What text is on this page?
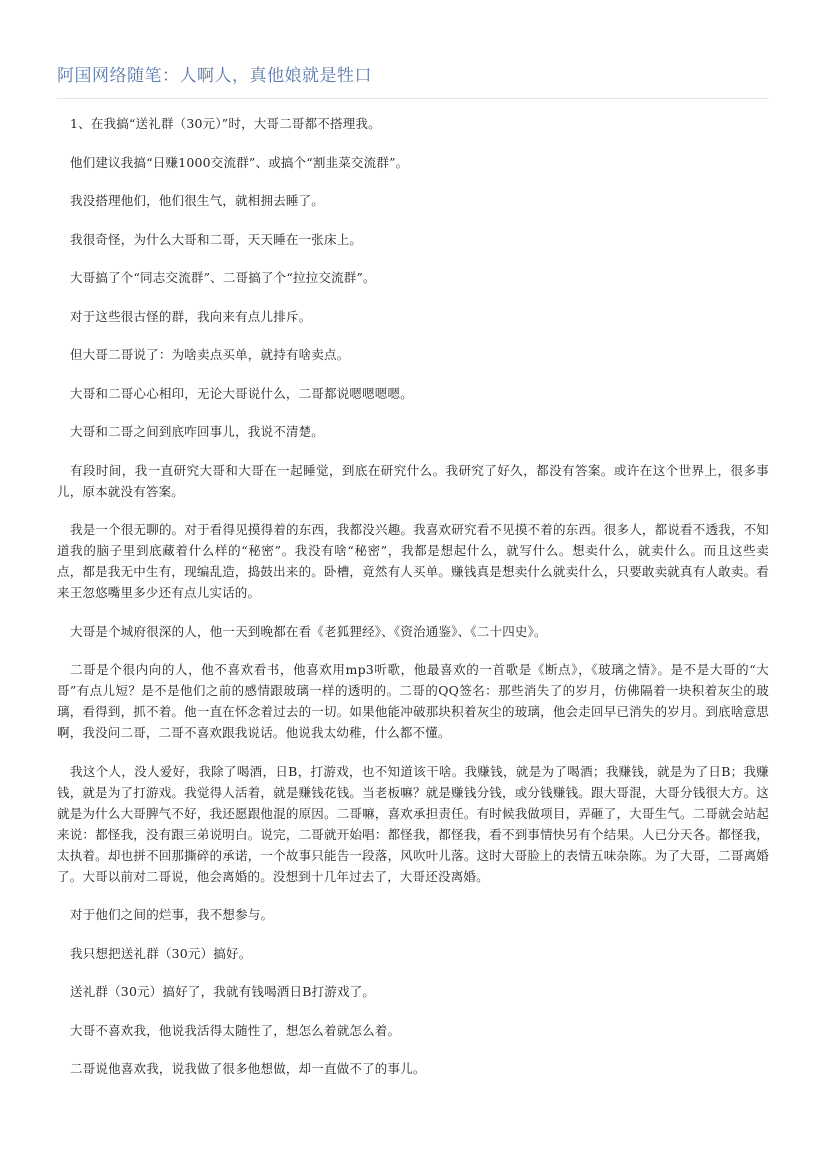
阿国网络随笔：人啊人，真他娘就是牲口

1、在我搞“送礼群（30元）”时，大哥二哥都不搭理我。

他们建议我搞“日赚1000交流群”、或搞个“割韭菜交流群”。

我没搭理他们，他们很生气，就相拥去睡了。

我很奇怪，为什么大哥和二哥，天天睡在一张床上。

大哥搞了个“同志交流群”、二哥搞了个“拉拉交流群”。

对于这些很古怪的群，我向来有点儿排斥。

但大哥二哥说了：为啥卖点买单，就持有啥卖点。

大哥和二哥心心相印，无论大哥说什么，二哥都说嗯嗯嗯嗯。

大哥和二哥之间到底咋回事儿，我说不清楚。

有段时间，我一直研究大哥和大哥在一起睡觉，到底在研究什么。我研究了好久，都没有答案。或许在这个世界上，很多事儿，原本就没有答案。

我是一个很无聊的。对于看得见摸得着的东西，我都没兴趣。我喜欢研究看不见摸不着的东西。很多人，都说看不透我，不知道我的脑子里到底藏着什么样的“秘密”。我没有啥“秘密”，我都是想起什么，就写什么。想卖什么，就卖什么。而且这些卖点，都是我无中生有，现编乱造，捣鼓出来的。卧槽，竟然有人买单。赚钱真是想卖什么就卖什么，只要敢卖就真有人敢卖。看来王忽悠嘴里多少还有点儿实话的。

大哥是个城府很深的人，他一天到晚都在看《老狐狸经》、《资治通鉴》、《二十四史》。

二哥是个很内向的人，他不喜欢看书，他喜欢用mp3听歌，他最喜欢的一首歌是《断点》，《玻璃之情》。是不是大哥的“大哥”有点儿短？是不是他们之前的感情跟玻璃一样的透明的。二哥的QQ签名：那些消失了的岁月，仿佛隔着一块积着灰尘的玻璃，看得到，抓不着。他一直在怀念着过去的一切。如果他能冲破那块积着灰尘的玻璃，他会走回早已消失的岁月。到底啥意思啊，我没问二哥，二哥不喜欢跟我说话。他说我太幼稚，什么都不懂。

我这个人，没人爱好，我除了喝酒，日B，打游戏，也不知道该干啥。我赚钱，就是为了喝酒；我赚钱，就是为了日B；我赚钱，就是为了打游戏。我觉得人活着，就是赚钱花钱。当老板嘛？就是赚钱分钱，或分钱赚钱。跟大哥混，大哥分钱很大方。这就是为什么大哥脾气不好，我还愿跟他混的原因。二哥嘛，喜欢承担责任。有时候我做项目，弄砸了，大哥生气。二哥就会站起来说：都怪我，没有跟三弟说明白。说完，二哥就开始唱：都怪我，都怪我，看不到事情快另有个结果。人已分天各。都怪我，太执着。却也拼不回那撕碎的承诺，一个故事只能告一段落，风吹叶儿落。这时大哥脸上的表情五味杂陈。为了大哥，二哥离婚了。大哥以前对二哥说，他会离婚的。没想到十几年过去了，大哥还没离婚。

对于他们之间的烂事，我不想参与。

我只想把送礼群（30元）搞好。

送礼群（30元）搞好了，我就有钱喝酒日B打游戏了。

大哥不喜欢我，他说我活得太随性了，想怎么着就怎么着。

二哥说他喜欢我，说我做了很多他想做，却一直做不了的事儿。
